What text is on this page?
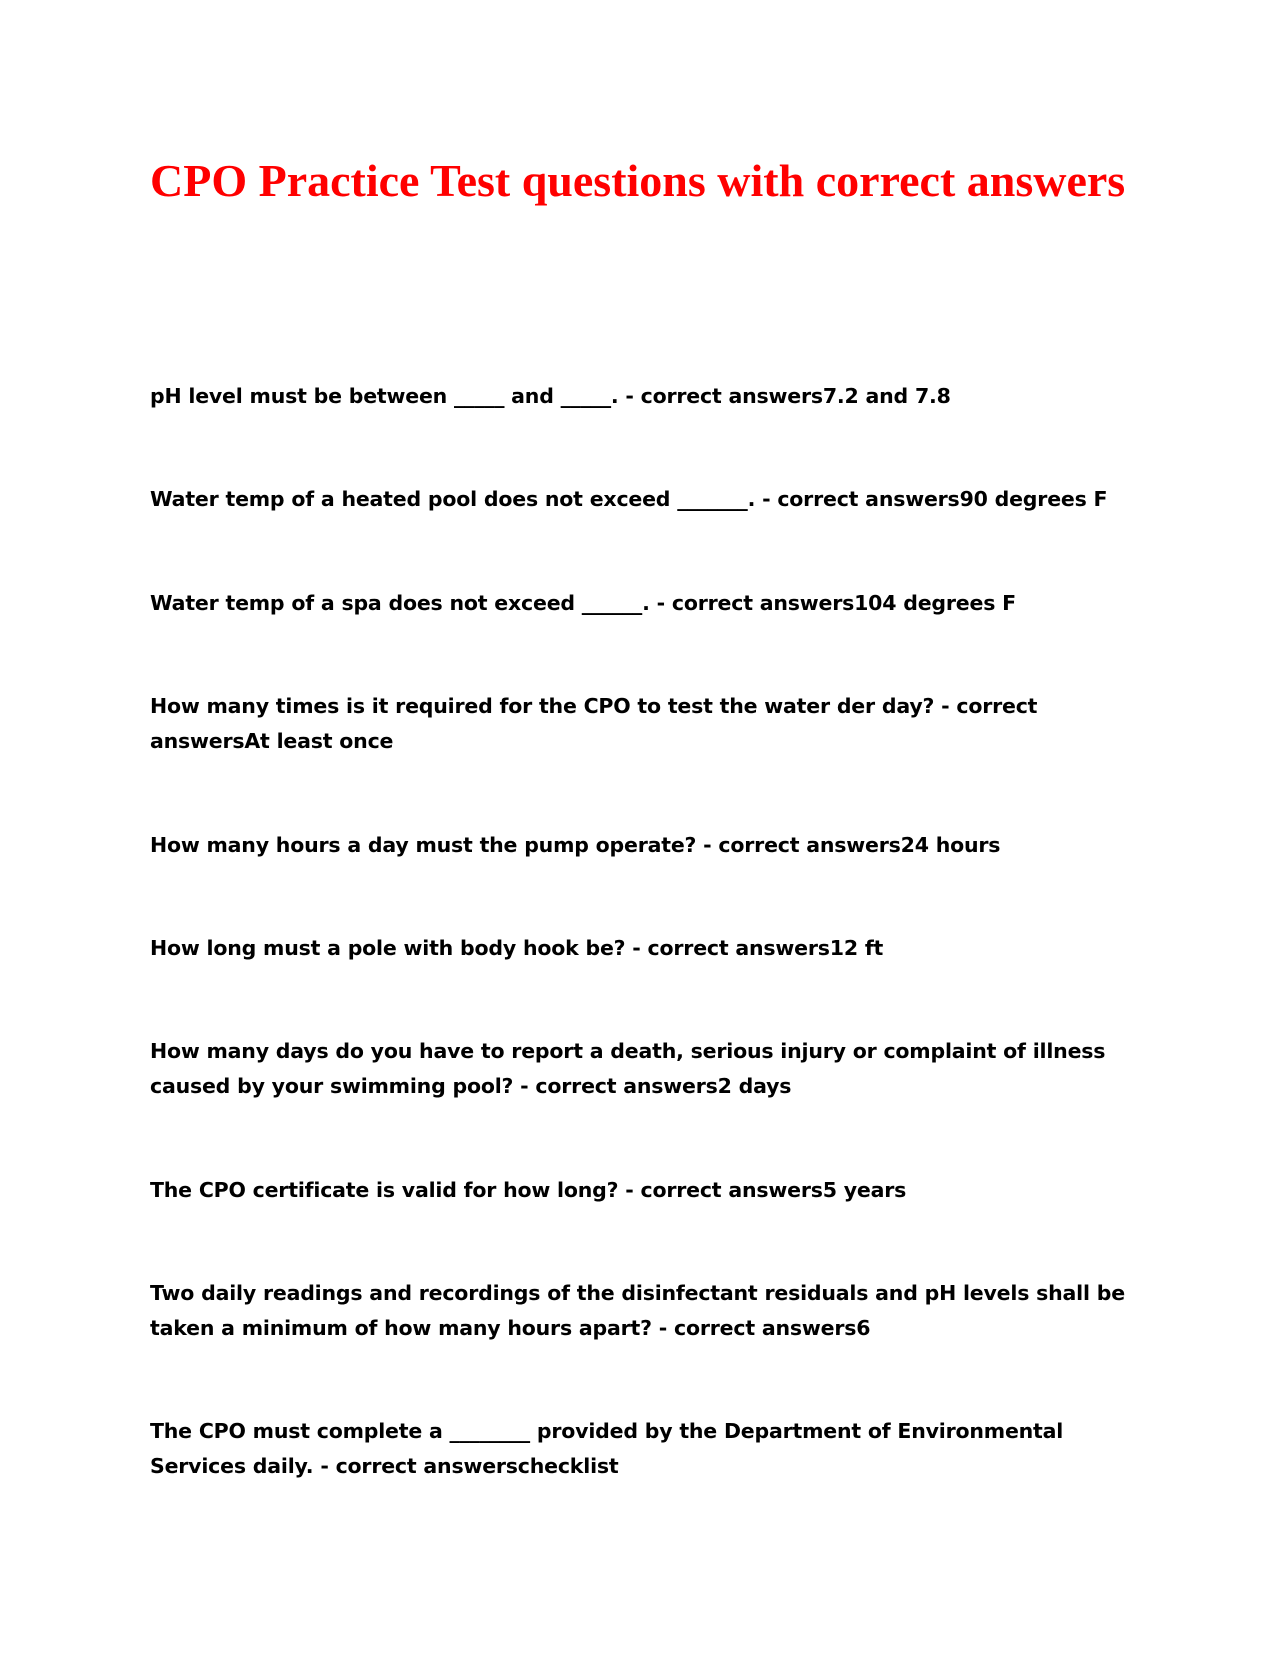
CPO Practice Test questions with correct answers

pH level must be between _____ and _____. - correct answers7.2 and 7.8

Water temp of a heated pool does not exceed _______. - correct answers90 degrees F

Water temp of a spa does not exceed ______. - correct answers104 degrees F

How many times is it required for the CPO to test the water der day? - correct answersAt least once

How many hours a day must the pump operate? - correct answers24 hours

How long must a pole with body hook be? - correct answers12 ft

How many days do you have to report a death, serious injury or complaint of illness caused by your swimming pool? - correct answers2 days

The CPO certificate is valid for how long? - correct answers5 years

Two daily readings and recordings of the disinfectant residuals and pH levels shall be taken a minimum of how many hours apart? - correct answers6

The CPO must complete a ________ provided by the Department of Environmental Services daily. - correct answerschecklist
